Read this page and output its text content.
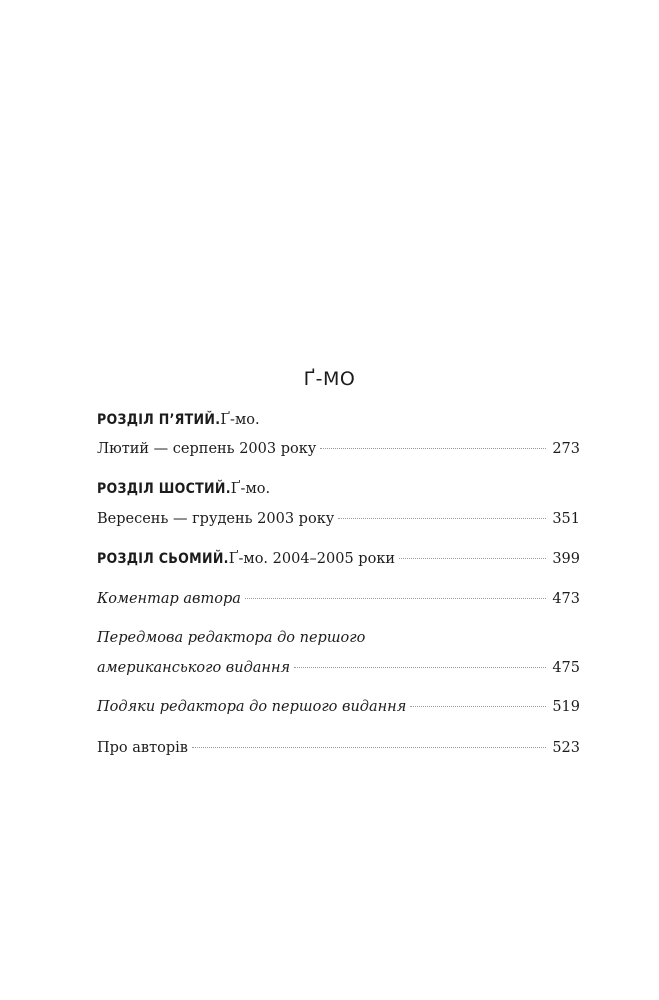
Ґ-МО
РОЗДІЛ П’ЯТИЙ. Ґ-мо.
Лютий — серпень 2003 року	273
РОЗДІЛ ШОСТИЙ. Ґ-мо.
Вересень — грудень 2003 року	351
РОЗДІЛ СЬОМИЙ. Ґ-мо. 2004–2005 роки	399
Коментар автора	473
Передмова редактора до першого
американського видання	475
Подяки редактора до першого видання	519
Про авторів	523
